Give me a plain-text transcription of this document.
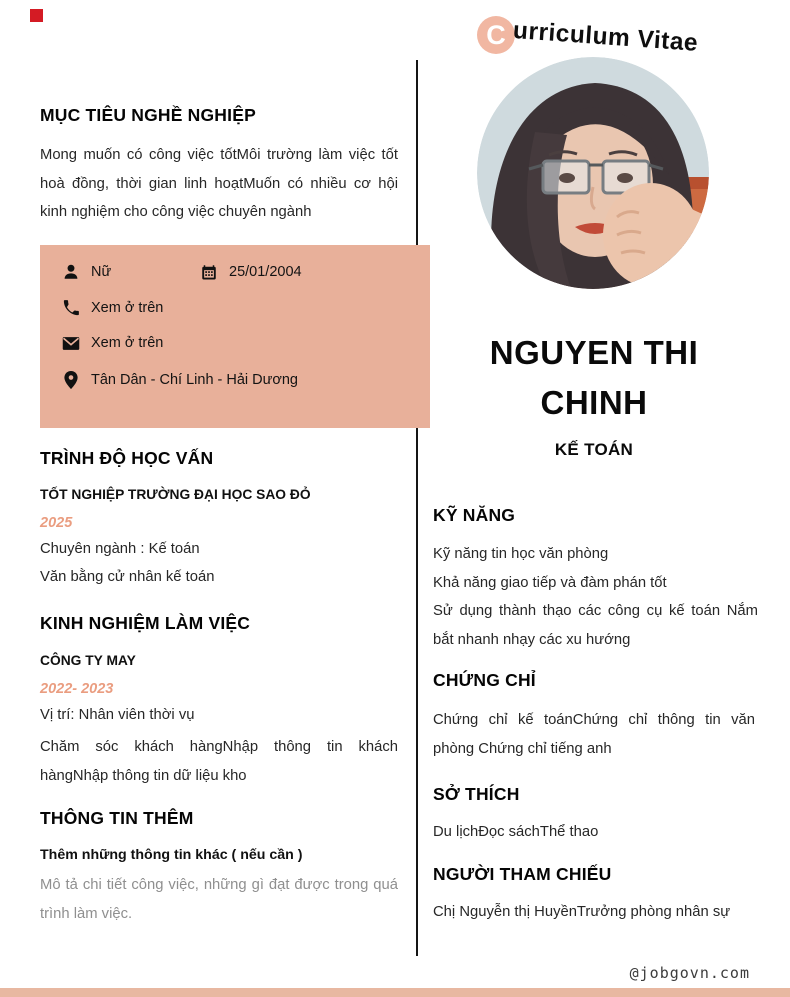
C urriculum Vitae
MỤC TIÊU NGHỀ NGHIỆP
Mong muốn có công việc tốtMôi trường làm việc tốt hoà đồng, thời gian linh hoạtMuốn có nhiều cơ hội kinh nghiệm cho công việc chuyên ngành
Nữ	25/01/2004
Xem ở trên
Xem ở trên
Tân Dân - Chí Linh - Hải Dương
TRÌNH ĐỘ HỌC VẤN
TỐT NGHIỆP TRƯỜNG ĐẠI HỌC SAO ĐỎ
2025
Chuyên ngành : Kế toán
Văn bằng cử nhân kế toán
KINH NGHIỆM LÀM VIỆC
CÔNG TY MAY
2022- 2023
Vị trí: Nhân viên thời vụ
Chăm sóc khách hàngNhập thông tin khách hàngNhập thông tin dữ liệu kho
THÔNG TIN THÊM
Thêm những thông tin khác ( nếu cần )
Mô tả chi tiết công việc, những gì đạt được trong quá trình làm việc.
NGUYEN THI
CHINH
KẾ TOÁN
KỸ NĂNG
Kỹ năng tin học văn phòng
Khả năng giao tiếp và đàm phán tốt
Sử dụng thành thạo các công cụ kế toán Nắm bắt nhanh nhạy các xu hướng
CHỨNG CHỈ
Chứng chỉ kế toánChứng chỉ thông tin văn phòng Chứng chỉ tiếng anh
SỞ THÍCH
Du lịchĐọc sáchThể thao
NGƯỜI THAM CHIẾU
Chị Nguyễn thị HuyềnTrưởng phòng nhân sự
@jobgovn.com
